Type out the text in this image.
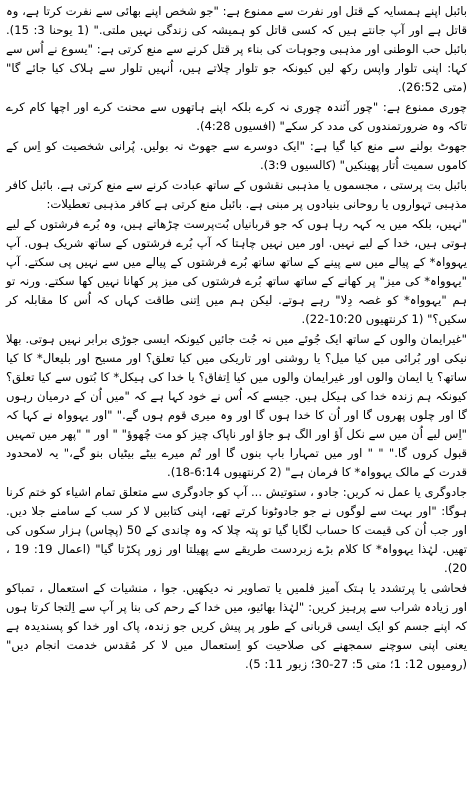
بائبل اپنے ہمسایہ کے قتل اور نفرت سے ممنوع ہے: "جو شخص اپنے بھائی سے نفرت کرتا ہے، وہ قاتل ہے اور آپ جانتے ہیں کہ کسی قاتل کو ہمیشہ کی زندگی نہیں ملتی." (1 یوحنا 3: 15). بائبل حب الوطنی اور مذہبی وجوہات کی بناء پر قتل کرنے سے منع کرتی ہے: "یسوع نے اُس سے کہا: اپنی تلوار واپس رکھ لیں کیونکہ جو تلوار چلاتے ہیں، اُنہیں تلوار سے ہلاک کیا جائے گا" (متی 26:52).

چوری ممنوع ہے: "چور آئندہ چوری نہ کرے بلکہ اپنے ہاتھوں سے محنت کرے اور اچھا کام کرے تاکہ وہ ضرورتمندوں کی مدد کر سکے" (افسیوں 4:28).

جھوٹ بولنے سے منع کیا گیا ہے: "ایک دوسرے سے جھوٹ نہ بولیں. پُرانی شخصیت کو اِس کے کاموں سمیت اُتار پھینکیں" (کالسیوں 3:9).

بائبل بت پرستی ، مجسموں یا مذہبی نقشوں کے ساتھ عبادت کرنے سے منع کرتی ہے. بائبل کافر مذہبی تہواروں یا روحانی بنیادوں پر مبنی ہے. بائبل منع کرتی ہے کافر مذہبی تعطیلات:

"نہیں، بلکہ میں یہ کہہ رہا ہوں کہ جو قربانیاں بُت‌پرست چڑھاتے ہیں، وہ بُرے فرشتوں کے لیے ہوتی ہیں، خدا کے لیے نہیں. اور میں نہیں چاہتا کہ آپ بُرے فرشتوں کے ساتھ شریک ہوں. آپ یہوواہ* کے پیالے میں سے پینے کے ساتھ ساتھ بُرے فرشتوں کے پیالے میں سے نہیں پی سکتے. آپ "یہوواہ* کی میز" پر کھانے کے ساتھ ساتھ بُرے فرشتوں کی میز پر کھانا نہیں کھا سکتے. ورنہ تو ہم "یہوواہ* کو غصہ دِلا" رہے ہوتے. لیکن ہم میں اِتنی طاقت کہاں کہ اُس کا مقابلہ کر سکیں؟" (1 کرنتھیوں 10:20-22).

"غیرایمان والوں کے ساتھ ایک جُوئے میں نہ جُت جائیں کیونکہ ایسی جوڑی برابر نہیں ہوتی. بھلا نیکی اور بُرائی میں کیا میل؟ یا روشنی اور تاریکی میں کیا تعلق؟ اور مسیح اور بلیعال* کا کیا ساتھ؟ یا ایمان والوں اور غیرایمان والوں میں کیا اِتفاق؟ یا خدا کی ہیکل* کا بُتوں سے کیا تعلق؟ کیونکہ ہم زندہ خدا کی ہیکل ہیں. جیسے کہ اُس نے خود کہا ہے کہ "میں اُن کے درمیان رہوں گا اور چلوں پھروں گا اور اُن کا خدا ہوں گا اور وہ میری قوم ہوں گے." "اور یہوواہ نے کہا کہ "اِس لیے اُن میں سے نکل آؤ اور الگ ہو جاؤ اور ناپاک چیز کو مت چُھوؤ" " اور " "پھر میں تمہیں قبول کروں گا." " " اور میں تمہارا باپ بنوں گا اور تُم میرے بیٹے بیٹیاں بنو گے،" یہ لامحدود قدرت کے مالک یہوواہ* کا فرمان ہے" (2 کرنتھیوں 6:14-18).

جادوگری یا عمل نہ کریں: جادو ، ستوتیش ... آپ کو جادوگری سے متعلق تمام اشیاء کو ختم کرنا ہوگا: "اور بہت سے لوگوں نے جو جادوٹونا کرتے تھے، اپنی کتابیں لا کر سب کے سامنے جلا دیں. اور جب اُن کی قیمت کا حساب لگایا گیا تو پتہ چلا کہ وہ چاندی کے 50 (پچاس) ہزار سکوں کی تھیں. لہٰذا یہوواہ* کا کلام بڑے زبردست طریقے سے پھیلتا اور زور پکڑتا گیا" (اعمال 19: 19 ، 20).

فحاشی یا پرتشدد یا ہتک آمیز فلمیں یا تصاویر نہ دیکھیں. جوا ، منشیات کے استعمال ، تمباکو اور زیادہ شراب سے پرہیز کریں: "لہٰذا بھائیو، میں خدا کے رحم کی بنا پر آپ سے اِلتجا کرتا ہوں کہ اپنے جسم کو ایک ایسی قربانی کے طور پر پیش کریں جو زندہ، پاک اور خدا کو پسندیدہ ہے یعنی اپنی سوچنے سمجھنے کی صلاحیت کو اِستعمال میں لا کر مُقدس خدمت انجام دیں" (رومیوں 12: 1؛ متی 5: 27-30؛ زبور 11: 5).
